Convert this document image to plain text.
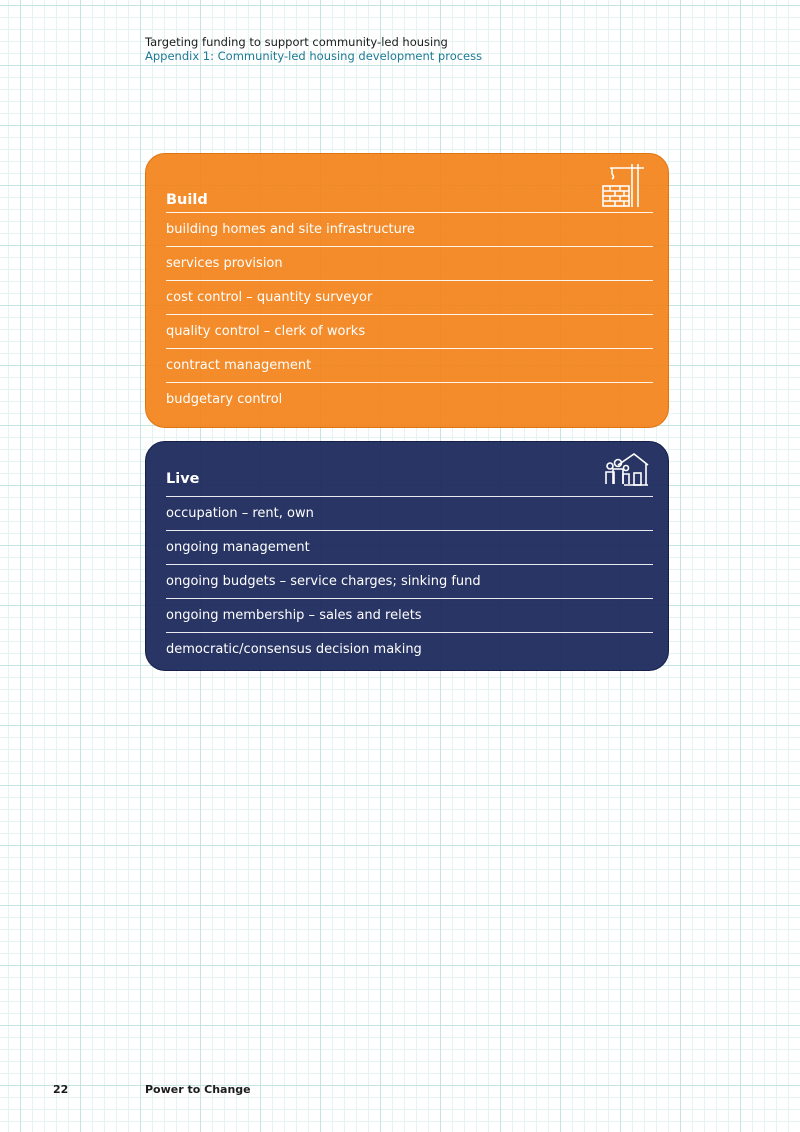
Targeting funding to support community-led housing
Appendix 1: Community-led housing development process
Build
building homes and site infrastructure
services provision
cost control – quantity surveyor
quality control – clerk of works
contract management
budgetary control
Live
occupation – rent, own
ongoing management
ongoing budgets – service charges; sinking fund
ongoing membership – sales and relets
democratic/consensus decision making
22	Power to Change
